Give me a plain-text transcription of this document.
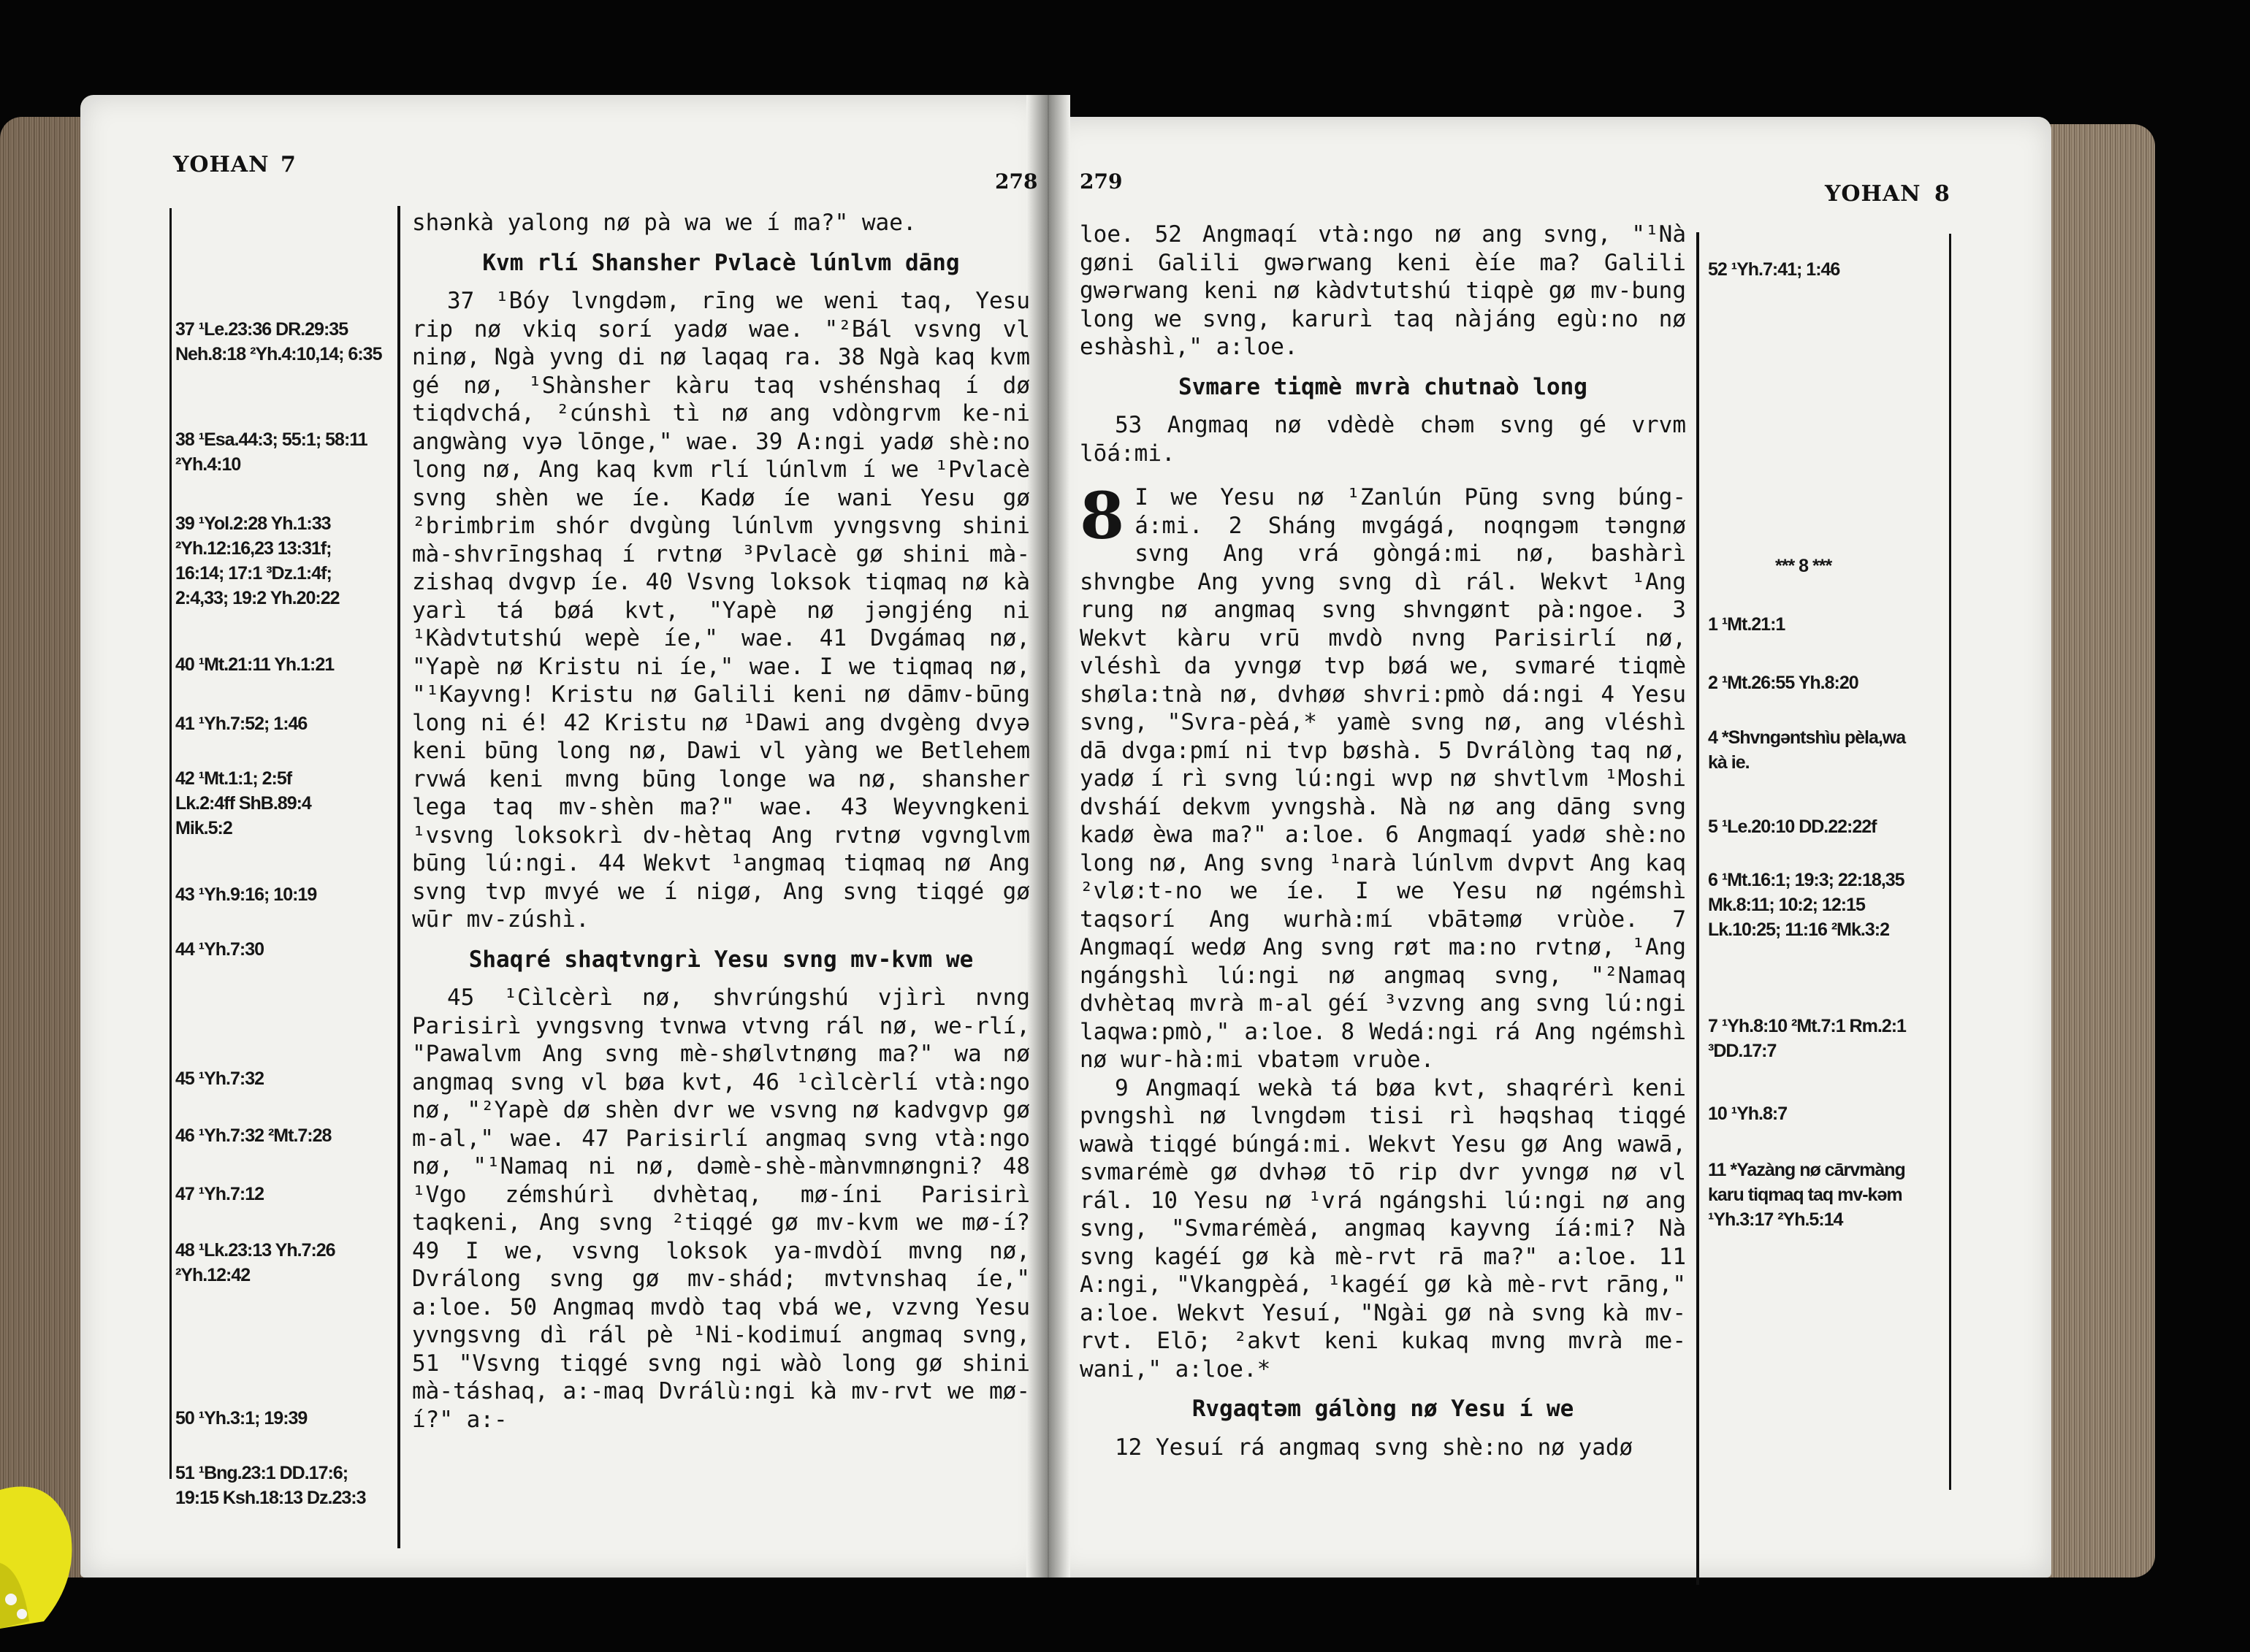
YOHAN 7
278
37 ¹Le.23:36 DR.29:35 Neh.8:18 ²Yh.4:10,14; 6:35
38 ¹Esa.44:3; 55:1; 58:11 ²Yh.4:10
39 ¹Yol.2:28 Yh.1:33 ²Yh.12:16,23 13:31f; 16:14; 17:1 ³Dz.1:4f; 2:4,33; 19:2 Yh.20:22
40 ¹Mt.21:11 Yh.1:21
41 ¹Yh.7:52; 1:46
42 ¹Mt.1:1; 2:5f Lk.2:4ff ShB.89:4 Mik.5:2
43 ¹Yh.9:16; 10:19
44 ¹Yh.7:30
45 ¹Yh.7:32
46 ¹Yh.7:32 ²Mt.7:28
47 ¹Yh.7:12
48 ¹Lk.23:13 Yh.7:26 ²Yh.12:42
50 ¹Yh.3:1; 19:39
51 ¹Bng.23:1 DD.17:6; 19:15 Ksh.18:13 Dz.23:3

shənkà yalong nø pà wa we í ma?" wae.

Kvm rlí Shansher Pvlacè lúnlvm dāng

37 ¹Bóy lvngdəm, rīng we weni taq, Yesu rip nø vkiq sorí yadø wae. "²Bál vsvng vl ninø, Ngà yvng di nø laqaq ra. 38 Ngà kaq kvm gé nø, ¹Shànsher kàru taq vshénshaq í dø tiqdvchá, ²cúnshì tì nø ang vdòngrvm kе-ni angwàng vyə lōnge," wae. 39 A:ngi yadø shè:no long nø, Ang kaq kvm rlí lúnlvm í we ¹Pvlacè svng shèn we íe. Kadø íe wani Yesu gø ²brimbrim shór dvgùng lúnlvm yvngsvng shini mà-shvrīngshaq í rvtnø ³Pvlacè gø shini mà-zishaq dvgvp íe. 40 Vsvng loksok tiqmaq nø kà yarì tá bøá kvt, "Yapè nø jəngjéng ni ¹Kàdvtutshú wepè íe," wae. 41 Dvgámaq nø, "Yapè nø Kristu ni íe," wae. I we tiqmaq nø, "¹Kayvng! Kristu nø Galili keni nø dāmv-būng long ni é! 42 Kristu nø ¹Dawi ang dvgèng dvyə keni būng long nø, Dawi vl yàng we Betlehem rvwá keni mvng būng longe wa nø, shansher lega taq mv-shèn ma?" wae. 43 Weyvngkeni ¹vsvng loksokrì dv-hètaq Ang rvtnø vgvnglvm būng lú:ngi. 44 Wekvt ¹angmaq tiqmaq nø Ang svng tvp mvyé we í nigø, Ang svng tiqgé gø wūr mv-zúshì.

Shaqré shaqtvngrì Yesu svng mv-kvm we

45 ¹Cìlcèrì nø, shvrúngshú vjìrì nvng Parisirì yvngsvng tvnwa vtvng rál nø, we-rlí, "Pawalvm Ang svng mè-shølvtnøng ma?" wa nø angmaq svng vl bøa kvt, 46 ¹cìlcèrlí vtà:ngo nø, "²Yapè dø shèn dvr we vsvng nø kadvgvp gø m-al," wae. 47 Parisirlí angmaq svng vtà:ngo nø, "¹Namaq ni nø, dəmè-shè-mànvmnøngni? 48 ¹Vgo zémshúrì dvhètaq, mø-íni Parisirì taqkeni, Ang svng ²tiqgé gø mv-kvm we mø-í? 49 I we, vsvng loksok ya-mvdòí mvng nø, Dvrálong svng gø mv-shád; mvtvnshaq íe," a:loe. 50 Angmaq mvdò taq vbá we, vzvng Yesu yvngsvng dì rál pè ¹Ni-kodimuí angmaq svng, 51 "Vsvng tiqgé svng ngi wàò long gø shini mà-táshaq, a:-maq Dvrálù:ngi kà mv-rvt we mø-í?" a:-

279	YOHAN 8

loe. 52 Angmaqí vtà:ngo nø ang svng, "¹Nà gøni Galili gwərwang keni èíe ma? Galili gwərwang keni nø kàdvtutshú tiqpè gø mv-bung long we svng, karurì taq nàjáng egù:no nø eshàshì," a:loe.

Svmare tiqmè mvrà chutnaò long

53 Angmaq nø vdèdè chəm svng gé vrvm lōá:mi.

8 I we Yesu nø ¹Zanlún Pūng svng búng-á:mi. 2 Sháng mvgágá, noqngəm təngnø svng Ang vrá gòngá:mi nø, bashàrì shvngbe Ang yvng svng dì rál. Wekvt ¹Ang rung nø angmaq svng shvngønt pà:ngoe. 3 Wekvt kàru vrū mvdò nvng Parisirlí nø, vléshì da yvngø tvp bøá we, svmaré tiqmè shøla:tnà nø, dvhøø shvri:pmò dá:ngi 4 Yesu svng, "Svra-pèá,* yamè svng nø, ang vléshì dā dvga:pmí ni tvp bøshà. 5 Dvrálòng taq nø, yadø í rì svng lú:ngi wvp nø shvtlvm ¹Moshi dvsháí dekvm yvngshà. Nà nø ang dāng svng kadø èwa ma?" a:loe. 6 Angmaqí yadø shè:no long nø, Ang svng ¹narà lúnlvm dvpvt Ang kaq ²vlø:t-no we íe. I we Yesu nø ngémshì taqsorí Ang wurhà:mí vbātəmø vrùòe. 7 Angmaqí wedø Ang svng røt ma:no rvtnø, ¹Ang ngángshì lú:ngi nø angmaq svng, "²Namaq dvhètaq mvrà m-al géí ³vzvng ang svng lú:ngi laqwa:pmò," a:loe. 8 Wedá:ngi rá Ang ngémshì nø wur-hà:mi vbatəm vruòe.

9 Angmaqí wekà tá bøa kvt, shaqrérì keni pvngshì nø lvngdəm tisi rì həqshaq tiqgé wawà tiqgé búngá:mi. Wekvt Yesu gø Ang wawā, svmarémè gø dvhəø tō rip dvr yvngø nø vl rál. 10 Yesu nø ¹vrá ngángshi lú:ngi nø ang svng, "Svmarémèá, angmaq kayvng íá:mi? Nà svng kagéí gø kà mè-rvt rā ma?" a:loe. 11 A:ngi, "Vkangpèá, ¹kagéí gø kà mè-rvt rāng," a:loe. Wekvt Yesuí, "Ngài gø nà svng kà mv-rvt. Elō; ²akvt keni kukaq mvng mvrà me-wani," a:loe.*

Rvgaqtəm gálòng nø Yesu í we

12 Yesuí rá angmaq svng shè:no nø yadø

52 ¹Yh.7:41; 1:46
*** 8 ***
1 ¹Mt.21:1
2 ¹Mt.26:55 Yh.8:20
4 *Shvngəntshìu pèla,wa kà ie.
5 ¹Le.20:10 DD.22:22f
6 ¹Mt.16:1; 19:3; 22:18,35 Mk.8:11; 10:2; 12:15 Lk.10:25; 11:16 ²Mk.3:2
7 ¹Yh.8:10 ²Mt.7:1 Rm.2:1 ³DD.17:7
10 ¹Yh.8:7
11 *Yazàng nø cārvmàng karu tiqmaq taq mv-kəm ¹Yh.3:17 ²Yh.5:14
